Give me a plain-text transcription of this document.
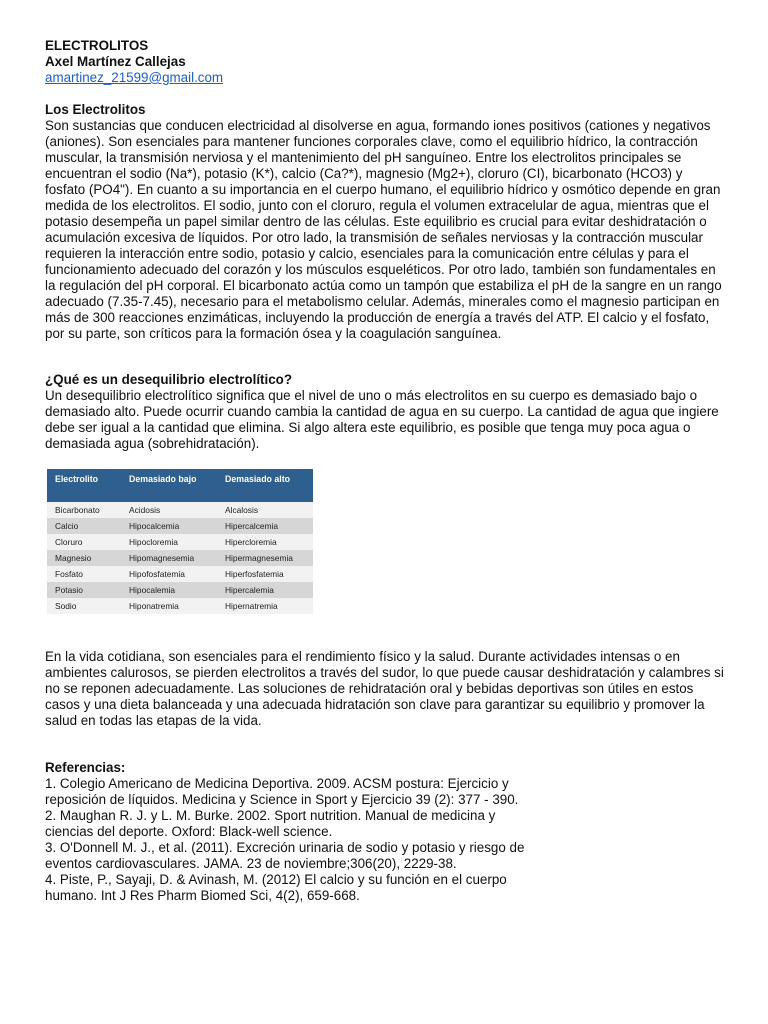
ELECTROLITOS
Axel Martínez Callejas
amartinez_21599@gmail.com
Los Electrolitos

Son sustancias que conducen electricidad al disolverse en agua, formando iones positivos (cationes y negativos (aniones). Son esenciales para mantener funciones corporales clave, como el equilibrio hídrico, la contracción muscular, la transmisión nerviosa y el mantenimiento del pH sanguíneo. Entre los electrolitos principales se encuentran el sodio (Na*), potasio (K*), calcio (Ca?*), magnesio (Mg2+), cloruro (CI), bicarbonato (HCO3) y fosfato (PO4"). En cuanto a su importancia en el cuerpo humano, el equilibrio hídrico y osmótico depende en gran medida de los electrolitos. El sodio, junto con el cloruro, regula el volumen extracelular de agua, mientras que el potasio desempeña un papel similar dentro de las células. Este equilibrio es crucial para evitar deshidratación o acumulación excesiva de líquidos. Por otro lado, la transmisión de señales nerviosas y la contracción muscular requieren la interacción entre sodio, potasio y calcio, esenciales para la comunicación entre células y para el funcionamiento adecuado del corazón y los músculos esqueléticos. Por otro lado, también son fundamentales en la regulación del pH corporal. El bicarbonato actúa como un tampón que estabiliza el pH de la sangre en un rango adecuado (7.35-7.45), necesario para el metabolismo celular. Además, minerales como el magnesio participan en más de 300 reacciones enzimáticas, incluyendo la producción de energía a través del ATP. El calcio y el fosfato, por su parte, son críticos para la formación ósea y la coagulación sanguínea.

¿Qué es un desequilibrio electrolítico?

Un desequilibrio electrolítico significa que el nivel de uno o más electrolitos en su cuerpo es demasiado bajo o demasiado alto. Puede ocurrir cuando cambia la cantidad de agua en su cuerpo. La cantidad de agua que ingiere debe ser igual a la cantidad que elimina. Si algo altera este equilibrio, es posible que tenga muy poca agua o demasiada agua (sobrehidratación).

Electrolito	Demasiado bajo	Demasiado alto
Bicarbonato	Acidosis	Alcalosis
Calcio	Hipocalcemia	Hipercalcemia
Cloruro	Hipocloremia	Hipercloremia
Magnesio	Hipomagnesemia	Hipermagnesemia
Fosfato	Hipofosfatemia	Hiperfosfatemia
Potasio	Hipocalemia	Hipercalemia
Sodio	Hiponatremia	Hipernatremia

En la vida cotidiana, son esenciales para el rendimiento físico y la salud. Durante actividades intensas o en ambientes calurosos, se pierden electrolitos a través del sudor, lo que puede causar deshidratación y calambres si no se reponen adecuadamente. Las soluciones de rehidratación oral y bebidas deportivas son útiles en estos casos y una dieta balanceada y una adecuada hidratación son clave para garantizar su equilibrio y promover la salud en todas las etapas de la vida.

Referencias:
1. Colegio Americano de Medicina Deportiva. 2009. ACSM postura: Ejercicio y reposición de líquidos. Medicina y Science in Sport y Ejercicio 39 (2): 377 - 390.
2. Maughan R. J. y L. M. Burke. 2002. Sport nutrition. Manual de medicina y ciencias del deporte. Oxford: Black-well science.
3. O'Donnell M. J., et al. (2011). Excreción urinaria de sodio y potasio y riesgo de eventos cardiovasculares. JAMA. 23 de noviembre;306(20), 2229-38.
4. Piste, P., Sayaji, D. & Avinash, M. (2012) El calcio y su función en el cuerpo humano. Int J Res Pharm Biomed Sci, 4(2), 659-668.
